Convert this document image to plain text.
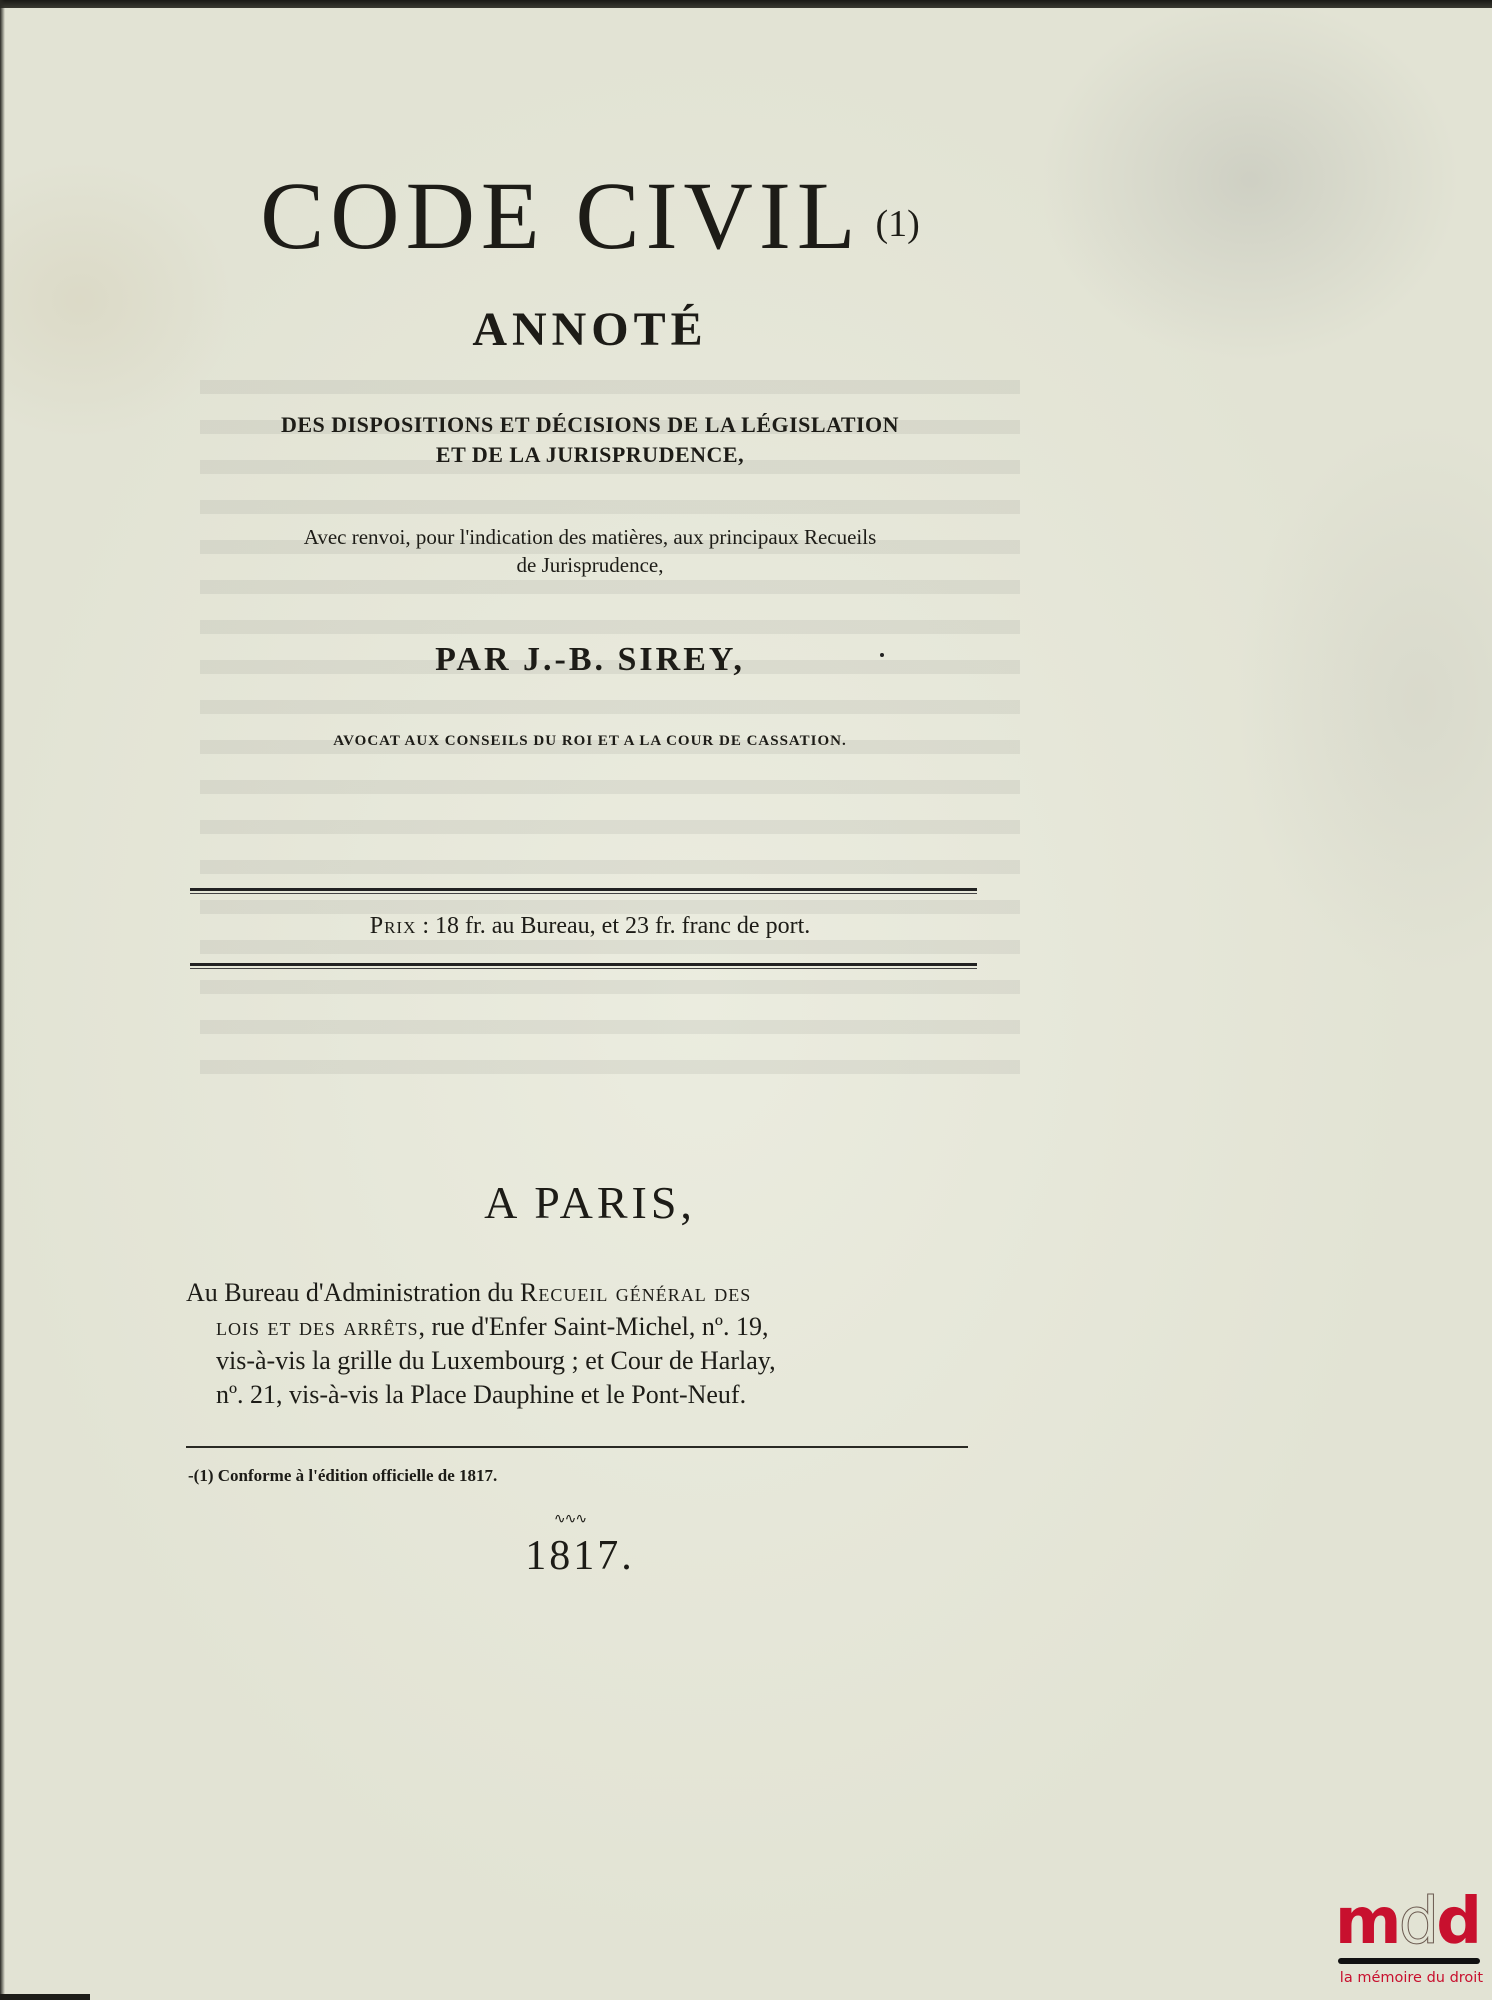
CODE CIVIL (1)
ANNOTÉ
DES DISPOSITIONS ET DÉCISIONS DE LA LÉGISLATION
ET DE LA JURISPRUDENCE,
Avec renvoi, pour l'indication des matières, aux principaux Recueils
de Jurisprudence,
PAR J.-B. SIREY,
AVOCAT AUX CONSEILS DU ROI ET A LA COUR DE CASSATION.
Prix : 18 fr. au Bureau, et 23 fr. franc de port.
A PARIS,
Au Bureau d'Administration du Recueil général des
lois et des arrêts, rue d'Enfer Saint-Michel, nº. 19,
vis-à-vis la grille du Luxembourg ; et Cour de Harlay,
nº. 21, vis-à-vis la Place Dauphine et le Pont-Neuf.
-(1) Conforme à l'édition officielle de 1817.
∿∿∿
1817.
mdd
la mémoire du droit
